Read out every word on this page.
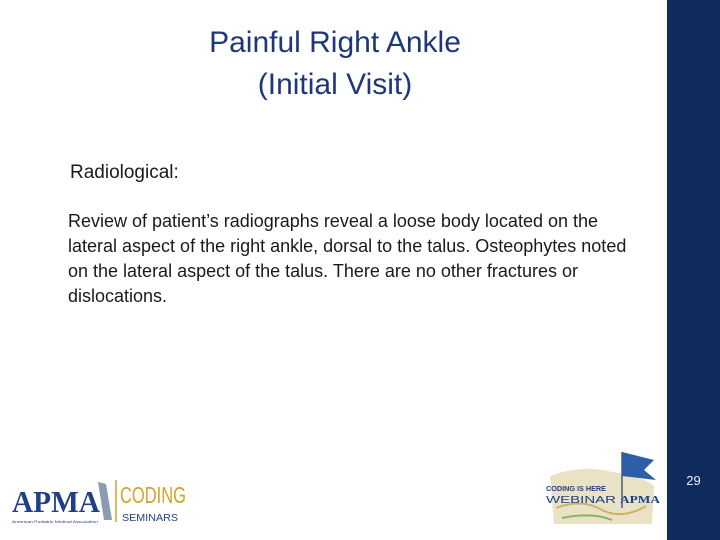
29
Painful Right Ankle
(Initial Visit)
Radiological:
Review of patient’s radiographs reveal a loose body located on the lateral aspect of the right ankle, dorsal to the talus. Osteophytes noted on the lateral aspect of the talus. There are no other fractures or dislocations.
APMA CODING
SEMINARS
American Podiatric Medical Association
CODING IS HERE
WEBINAR APMA
